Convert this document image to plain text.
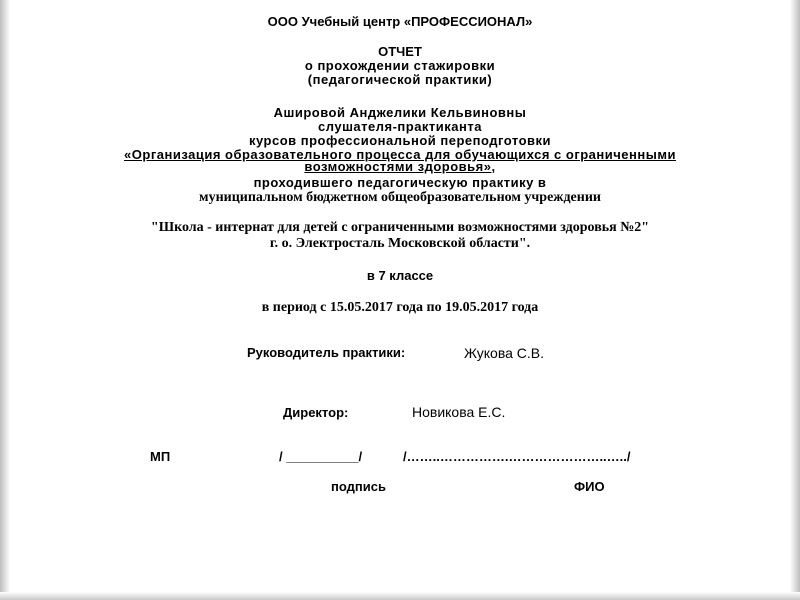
ООО Учебный центр «ПРОФЕССИОНАЛ»
ОТЧЕТ
о прохождении стажировки
(педагогической практики)
Ашировой Анджелики Кельвиновны
слушателя-практиканта
курсов профессиональной переподготовки
«Организация образовательного процесса для обучающихся с ограниченными
возможностями здоровья»,
проходившего педагогическую практику в
муниципальном бюджетном общеобразовательном учреждении
"Школа - интернат для детей с ограниченными возможностями здоровья №2"
г. о. Электросталь Московской области".
в 7 классе
в период с 15.05.2017 года по 19.05.2017 года
Руководитель практики:	Жукова С.В.
Директор:	Новикова Е.С.
МП	/ __________/	/……..…………….…………………..…../
подпись	ФИО
